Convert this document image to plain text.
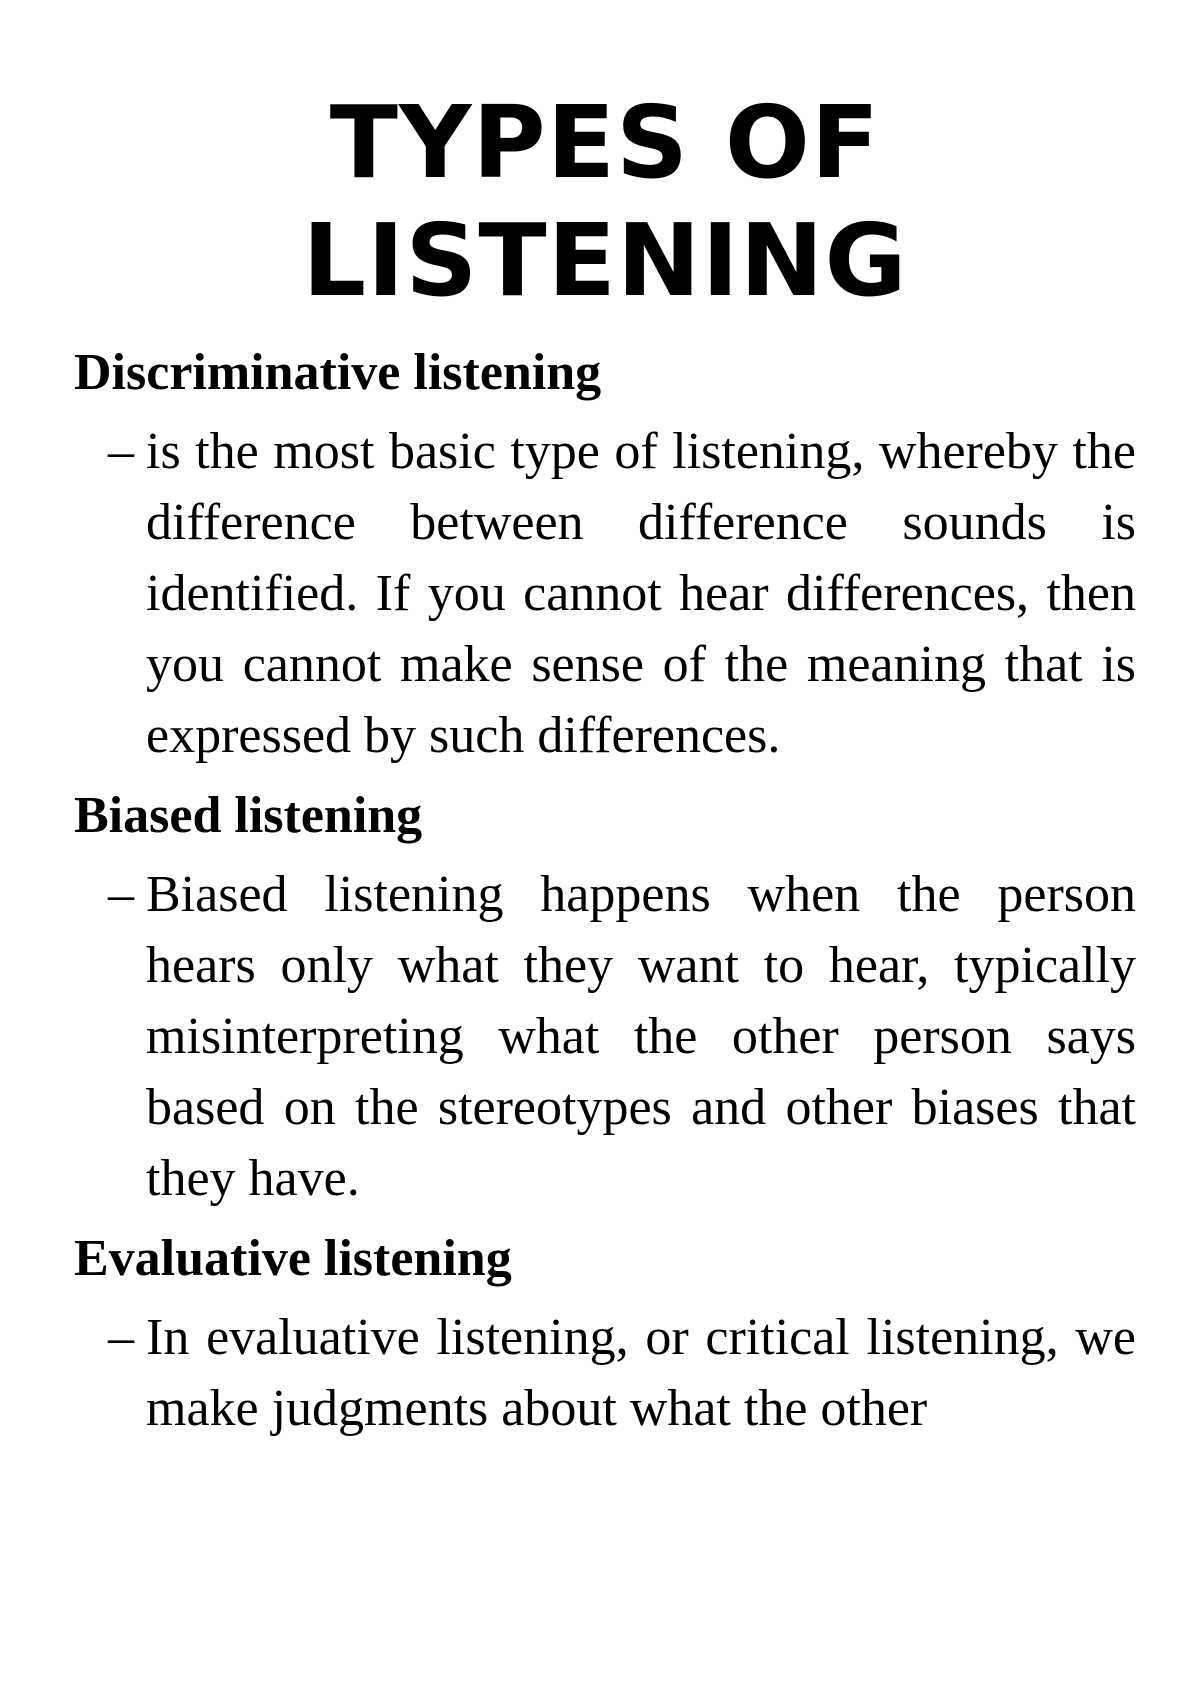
TYPES OF
LISTENING
Discriminative listening
– is the most basic type of listening, whereby the difference between difference sounds is identified. If you cannot hear differences, then you cannot make sense of the meaning that is expressed by such differences.

Biased listening
– Biased listening happens when the person hears only what they want to hear, typically misinterpreting what the other person says based on the stereotypes and other biases that they have.

Evaluative listening
– In evaluative listening, or critical listening, we make judgments about what the other
